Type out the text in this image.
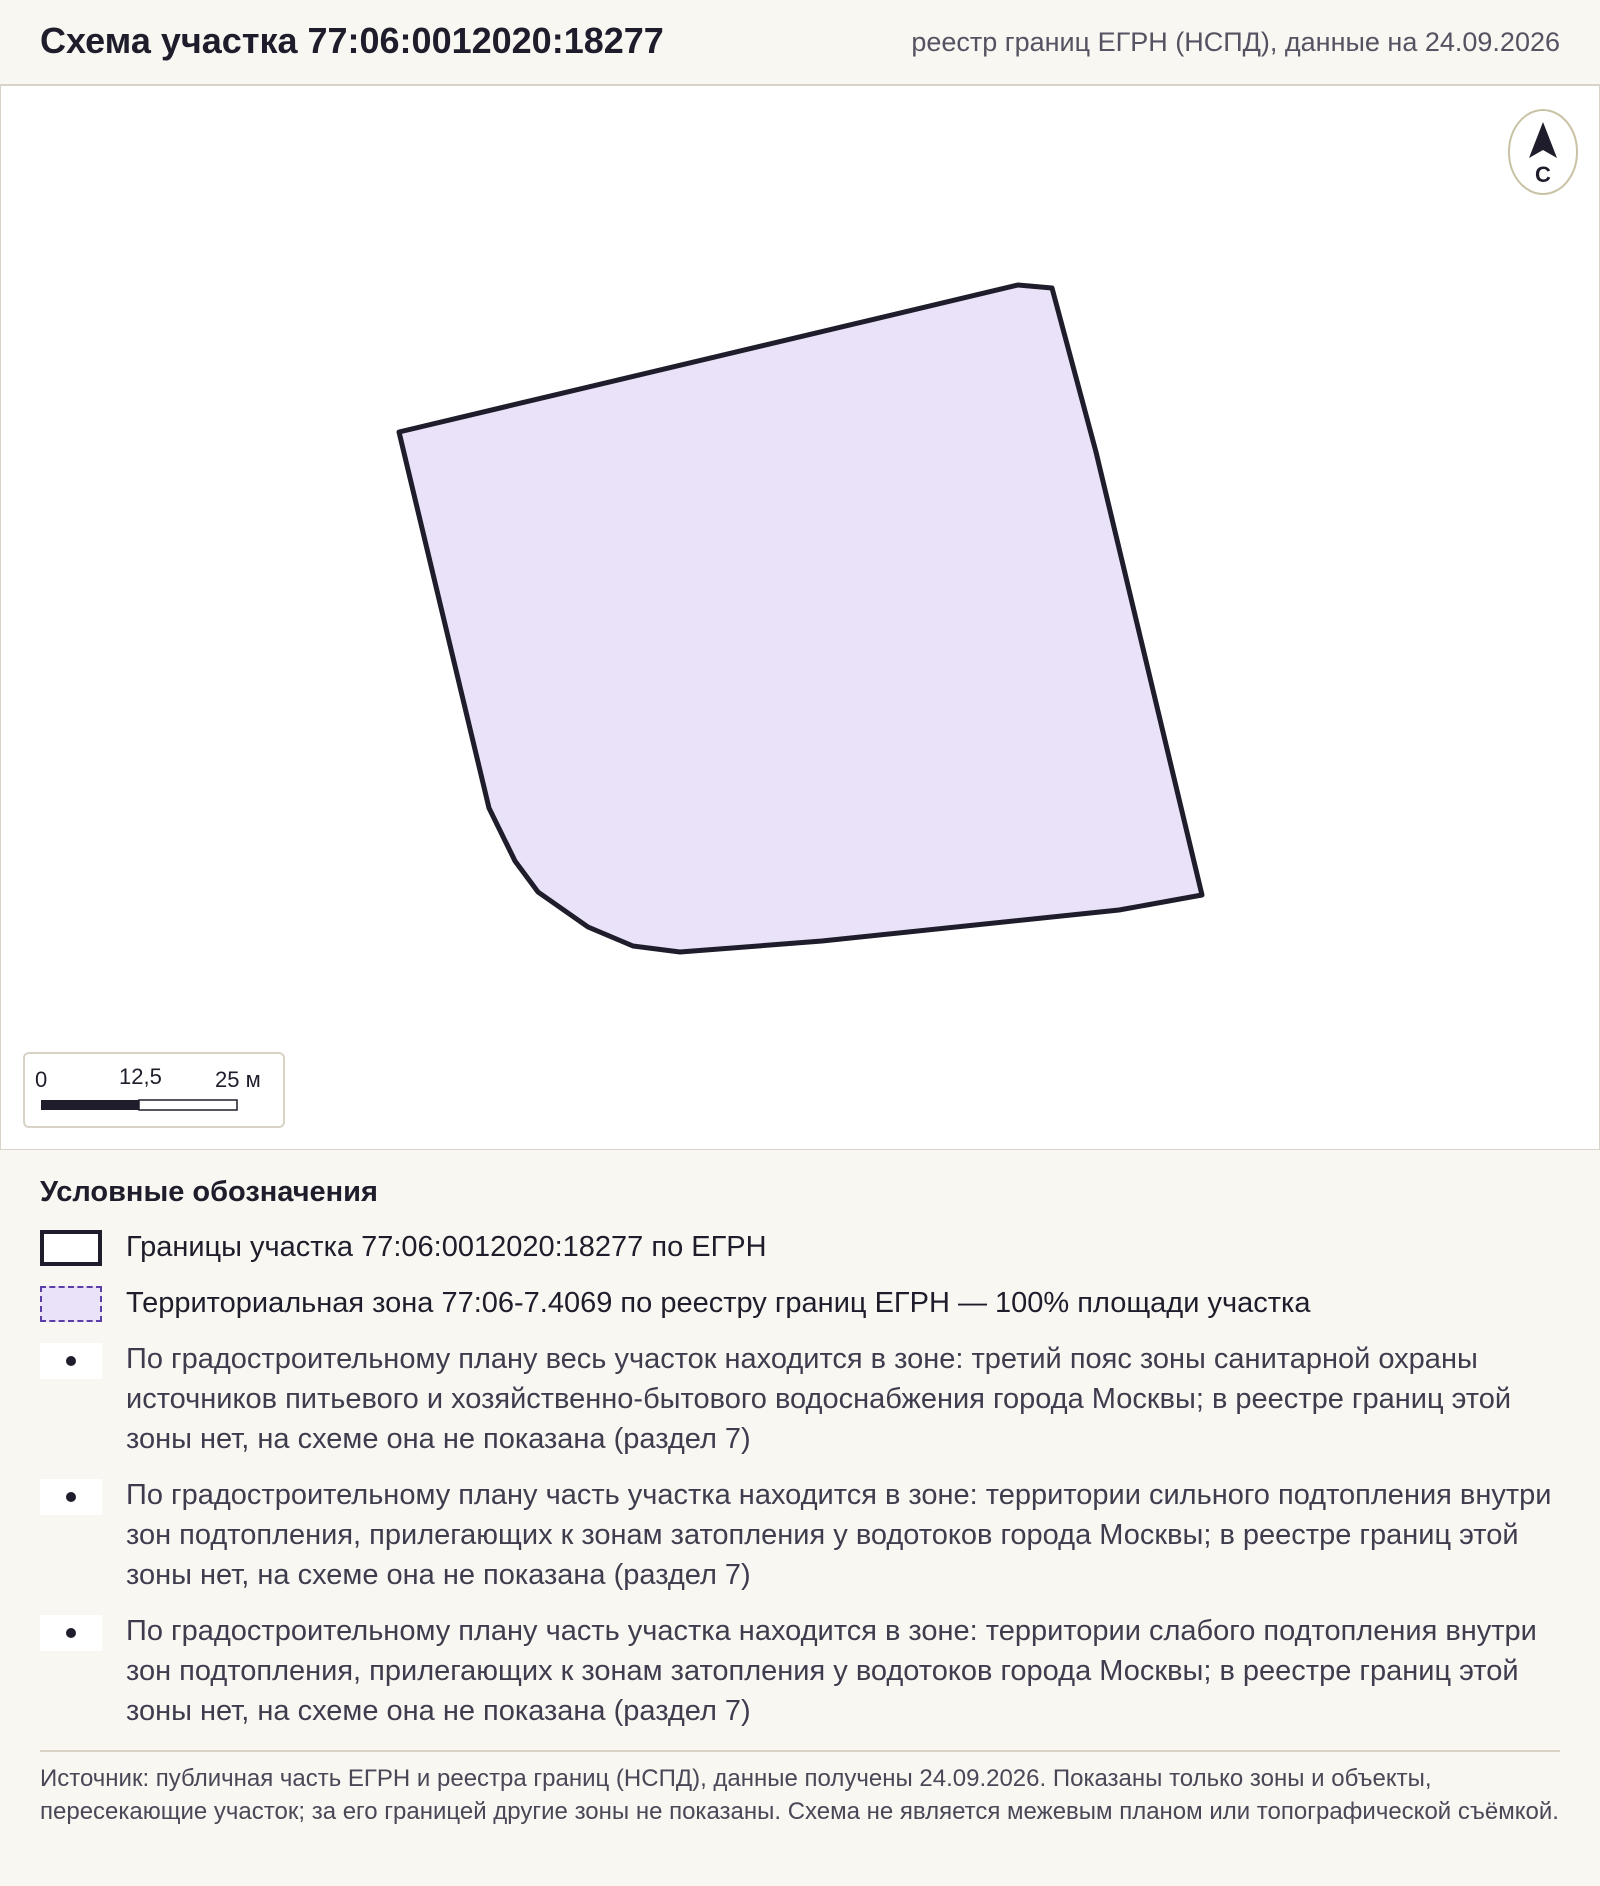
Схема участка 77:06:0012020:18277	реестр границ ЕГРН (НСПД), данные на 24.09.2026
С
0	12,5 25 м
Условные обозначения
Границы участка 77:06:0012020:18277 по ЕГРН
Территориальная зона 77:06-7.4069 по реестру границ ЕГРН — 100% площади участка
По градостроительному плану весь участок находится в зоне: третий пояс зоны санитарной охраны источников питьевого и хозяйственно-бытового водоснабжения города Москвы; в реестре границ этой зоны нет, на схеме она не показана (раздел 7)
По градостроительному плану часть участка находится в зоне: территории сильного подтопления внутри зон подтопления, прилегающих к зонам затопления у водотоков города Москвы; в реестре границ этой зоны нет, на схеме она не показана (раздел 7)
По градостроительному плану часть участка находится в зоне: территории слабого подтопления внутри зон подтопления, прилегающих к зонам затопления у водотоков города Москвы; в реестре границ этой зоны нет, на схеме она не показана (раздел 7)
Источник: публичная часть ЕГРН и реестра границ (НСПД), данные получены 24.09.2026. Показаны только зоны и объекты, пересекающие участок; за его границей другие зоны не показаны. Схема не является межевым планом или топографической съёмкой.
